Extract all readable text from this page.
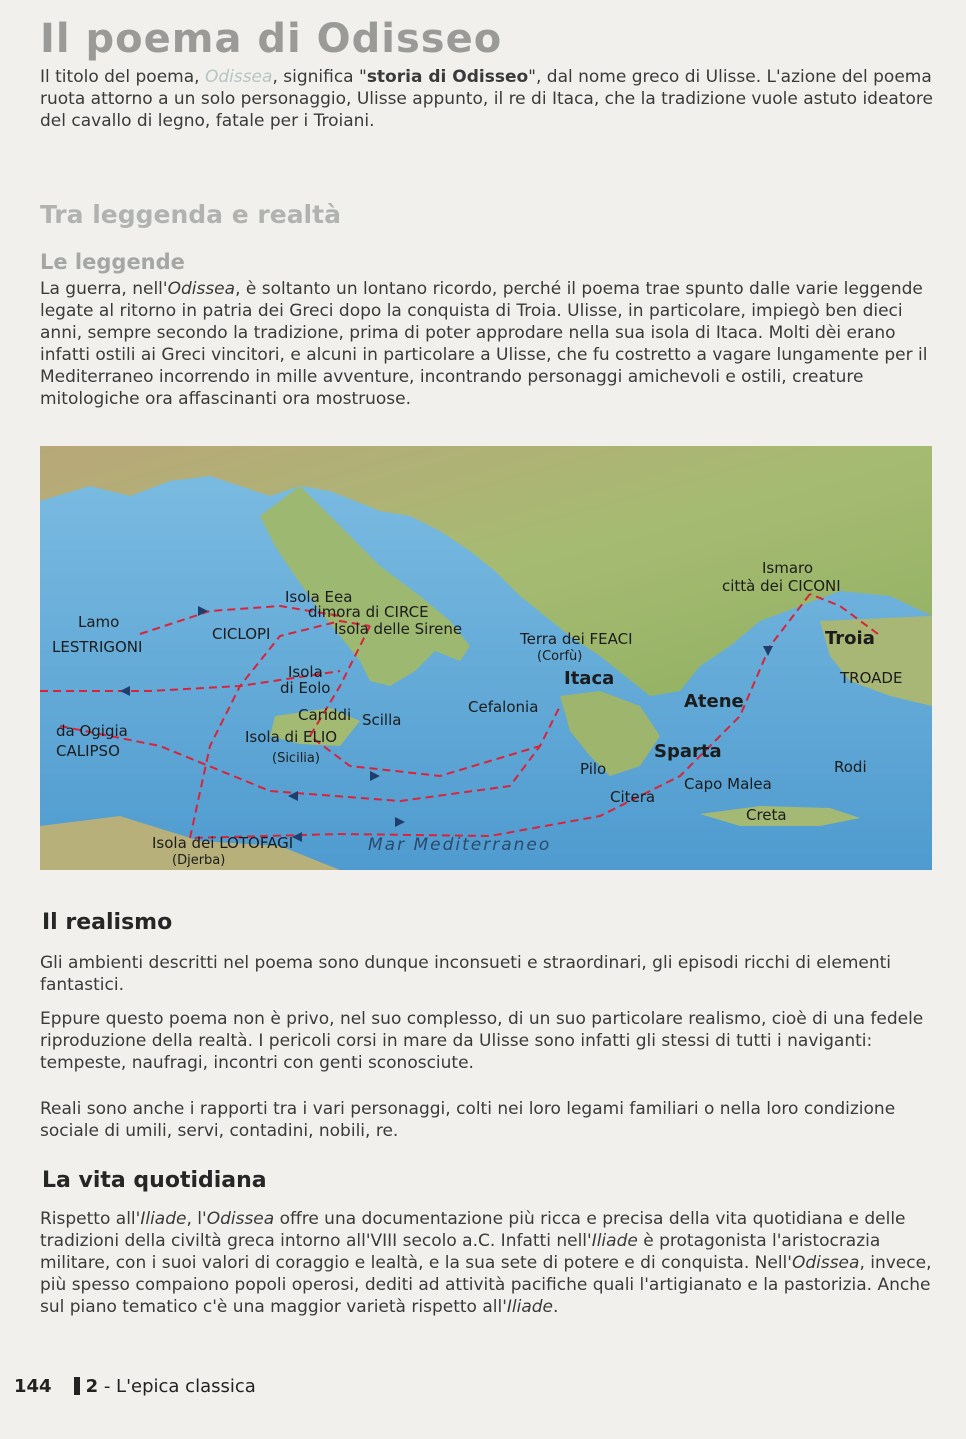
Il poema di Odisseo

Il titolo del poema, Odissea, significa "storia di Odisseo", dal nome greco di Ulisse. L'azione del poema ruota attorno a un solo personaggio, Ulisse appunto, il re di Itaca, che la tradizione vuole astuto ideatore del cavallo di legno, fatale per i Troiani.

Tra leggenda e realtà
Le leggende

La guerra, nell'Odissea, è soltanto un lontano ricordo, perché il poema trae spunto dalle varie leggende legate al ritorno in patria dei Greci dopo la conquista di Troia. Ulisse, in particolare, impiegò ben dieci anni, sempre secondo la tradizione, prima di poter approdare nella sua isola di Itaca. Molti dèi erano infatti ostili ai Greci vincitori, e alcuni in particolare a Ulisse, che fu costretto a vagare lungamente per il Mediterraneo incorrendo in mille avventure, incontrando personaggi amichevoli e ostili, creature mitologiche ora affascinanti ora mostruose.

Ismaro
città dei CICONI
Troia
TROADE
Isola Eea
dimora di CIRCE
Isola delle Sirene
Lamo
LESTRIGONI
CICLOPI	Terra dei FEACI
(Corfù)
Isola
di Eolo	Itaca
Atene
Cariddi Scilla
Cefalonia
da Ogigia
CALIPSO
Isola di ELIO
(Sicilia)	Sparta
Pilo	Rodi
Capo Malea
Citera
Creta
Isola dei LOTOFAGI
(Djerba)
Mar Mediterraneo
Il realismo

Gli ambienti descritti nel poema sono dunque inconsueti e straordinari, gli episodi ricchi di elementi fantastici.

Eppure questo poema non è privo, nel suo complesso, di un suo particolare realismo, cioè di una fedele riproduzione della realtà. I pericoli corsi in mare da Ulisse sono infatti gli stessi di tutti i naviganti: tempeste, naufragi, incontri con genti sconosciute.

Reali sono anche i rapporti tra i vari personaggi, colti nei loro legami familiari o nella loro condizione sociale di umili, servi, contadini, nobili, re.

La vita quotidiana

Rispetto all'Iliade, l'Odissea offre una documentazione più ricca e precisa della vita quotidiana e delle tradizioni della civiltà greca intorno all'VIII secolo a.C. Infatti nell'Iliade è protagonista l'aristocrazia militare, con i suoi valori di coraggio e lealtà, e la sua sete di potere e di conquista. Nell'Odissea, invece, più spesso compaiono popoli operosi, dediti ad attività pacifiche quali l'artigianato e la pastorizia. Anche sul piano tematico c'è una maggior varietà rispetto all'Iliade.

144 2 - L'epica classica
